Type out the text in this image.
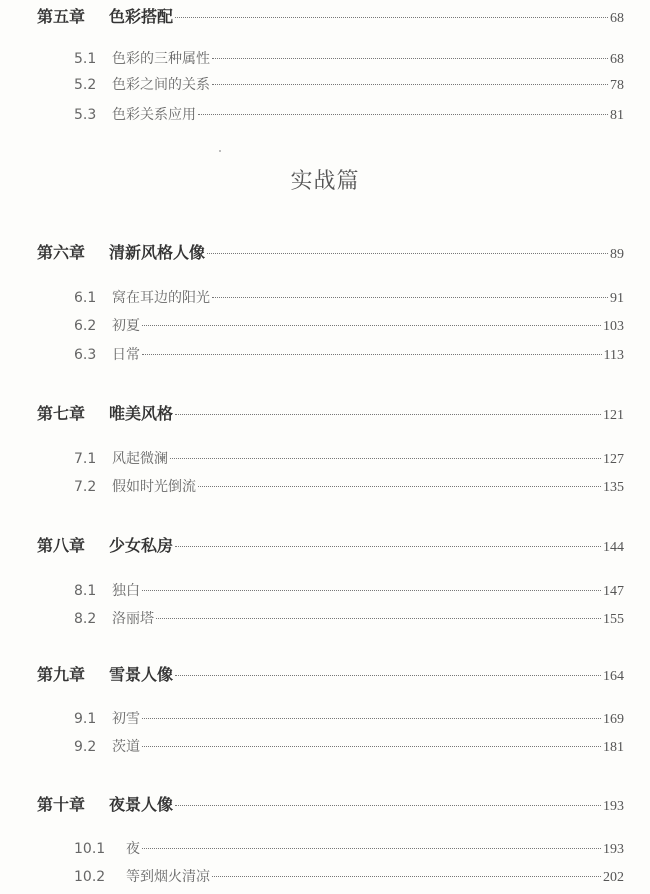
第五章	色彩搭配	68
5.1	色彩的三种属性	68
5.2	色彩之间的关系	78
5.3	色彩关系应用	81
实战篇
第六章	清新风格人像	89
6.1	窝在耳边的阳光	91
6.2	初夏	103
6.3	日常	113
第七章	唯美风格	121
7.1	风起微澜	127
7.2	假如时光倒流	135
第八章	少女私房	144
8.1	独白	147
8.2	洛丽塔	155
第九章	雪景人像	164
9.1	初雪	169
9.2	茨道	181
第十章	夜景人像	193
10.1	夜	193
10.2	等到烟火清凉	202
